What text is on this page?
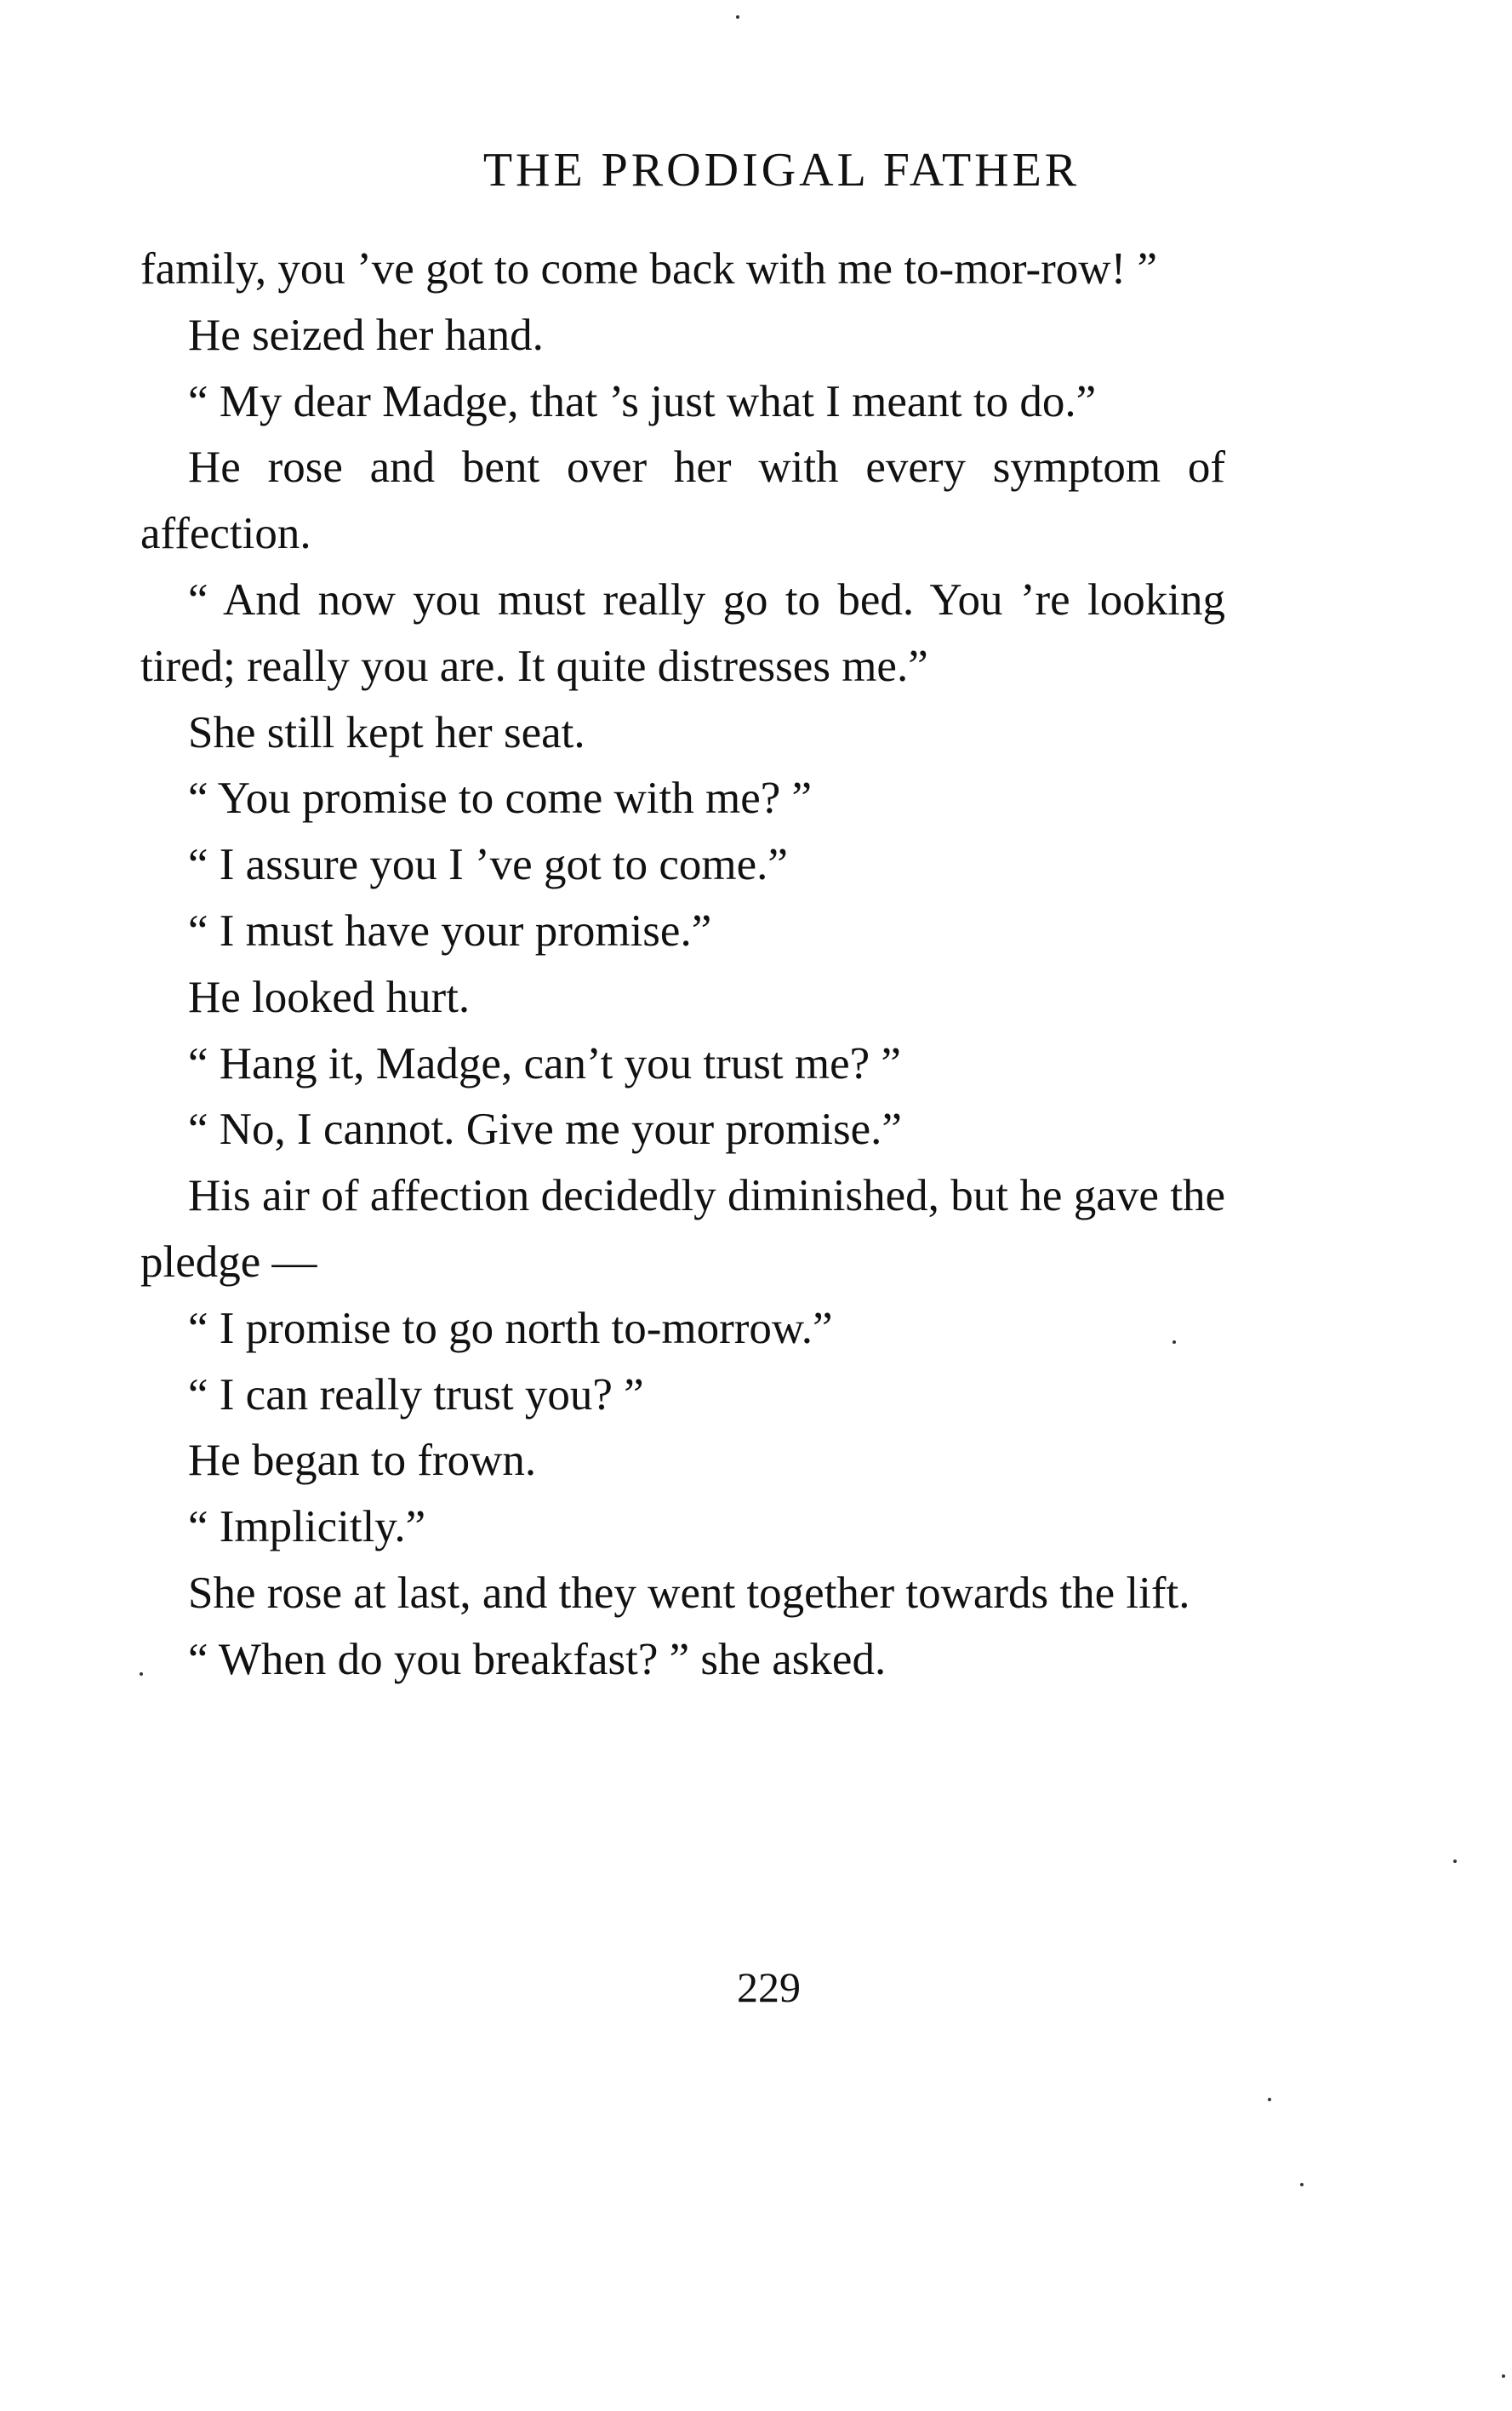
THE PRODIGAL FATHER

family, you ’ve got to come back with me to-mor-row! ”

He seized her hand.

“ My dear Madge, that ’s just what I meant to do.”

He rose and bent over her with every symptom of affection.

“ And now you must really go to bed. You ’re looking tired; really you are. It quite distresses me.”

She still kept her seat.

“ You promise to come with me? ”

“ I assure you I ’ve got to come.”

“ I must have your promise.”

He looked hurt.

“ Hang it, Madge, can’t you trust me? ”

“ No, I cannot. Give me your promise.”

His air of affection decidedly diminished, but he gave the pledge —

“ I promise to go north to-morrow.”

“ I can really trust you? ”

He began to frown.

“ Implicitly.”

She rose at last, and they went together towards the lift.

“ When do you breakfast? ” she asked.

229
